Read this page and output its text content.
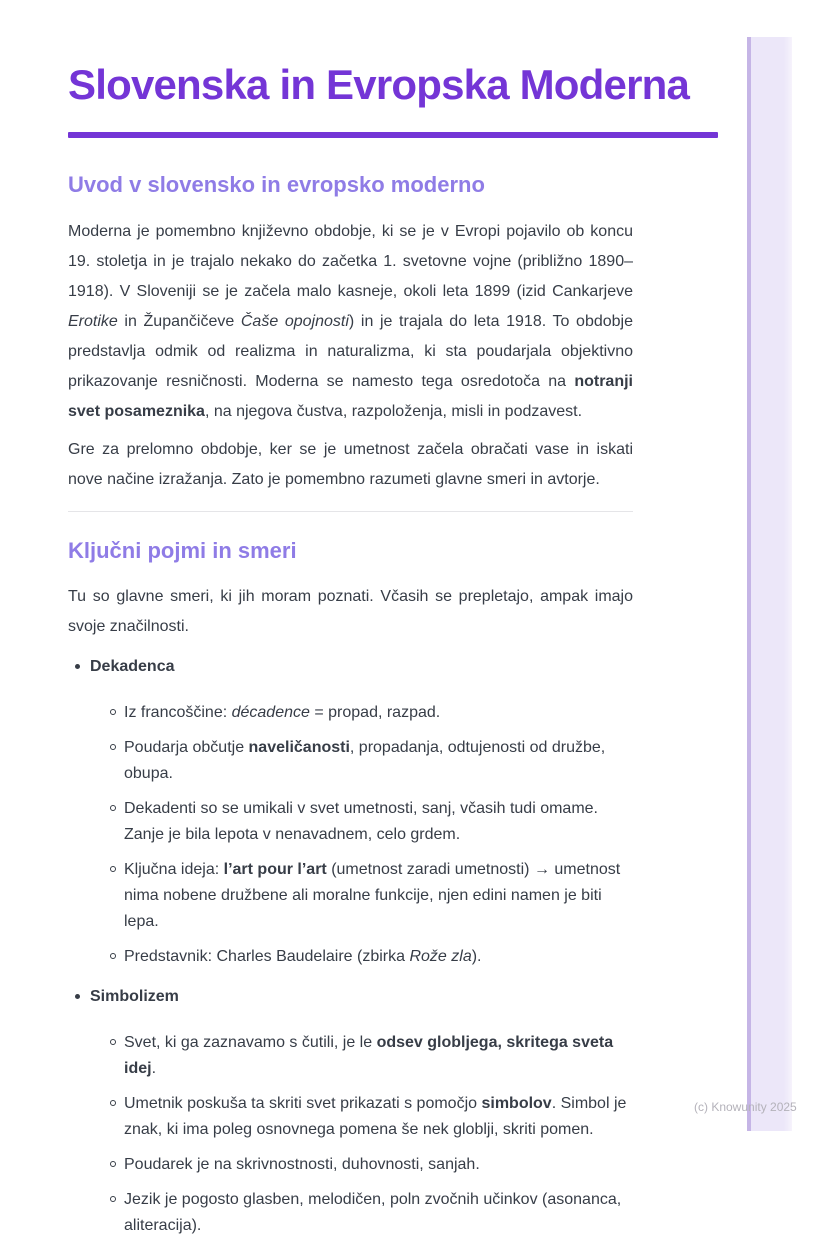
Slovenska in Evropska Moderna
Uvod v slovensko in evropsko moderno

Moderna je pomembno književno obdobje, ki se je v Evropi pojavilo ob koncu 19. stoletja in je trajalo nekako do začetka 1. svetovne vojne (približno 1890–1918). V Sloveniji se je začela malo kasneje, okoli leta 1899 (izid Cankarjeve Erotike in Župančičeve Čaše opojnosti) in je trajala do leta 1918. To obdobje predstavlja odmik od realizma in naturalizma, ki sta poudarjala objektivno prikazovanje resničnosti. Moderna se namesto tega osredotoča na notranji svet posameznika, na njegova čustva, razpoloženja, misli in podzavest.

Gre za prelomno obdobje, ker se je umetnost začela obračati vase in iskati nove načine izražanja. Zato je pomembno razumeti glavne smeri in avtorje.

Ključni pojmi in smeri

Tu so glavne smeri, ki jih moram poznati. Včasih se prepletajo, ampak imajo svoje značilnosti.

Dekadenca
Iz francoščine: décadence = propad, razpad.
Poudarja občutje naveličanosti, propadanja, odtujenosti od družbe, obupa.
Dekadenti so se umikali v svet umetnosti, sanj, včasih tudi omame. Zanje je bila lepota v nenavadnem, celo grdem.
Ključna ideja: l’art pour l’art (umetnost zaradi umetnosti) → umetnost nima nobene družbene ali moralne funkcije, njen edini namen je biti lepa.
Predstavnik: Charles Baudelaire (zbirka Rože zla).
Simbolizem
Svet, ki ga zaznavamo s čutili, je le odsev globljega, skritega sveta idej.
Umetnik poskuša ta skriti svet prikazati s pomočjo simbolov. Simbol je znak, ki ima poleg osnovnega pomena še nek globlji, skriti pomen.
Poudarek je na skrivnostnosti, duhovnosti, sanjah.
Jezik je pogosto glasben, melodičen, poln zvočnih učinkov (asonanca, aliteracija).
(c) Knowunity 2025
